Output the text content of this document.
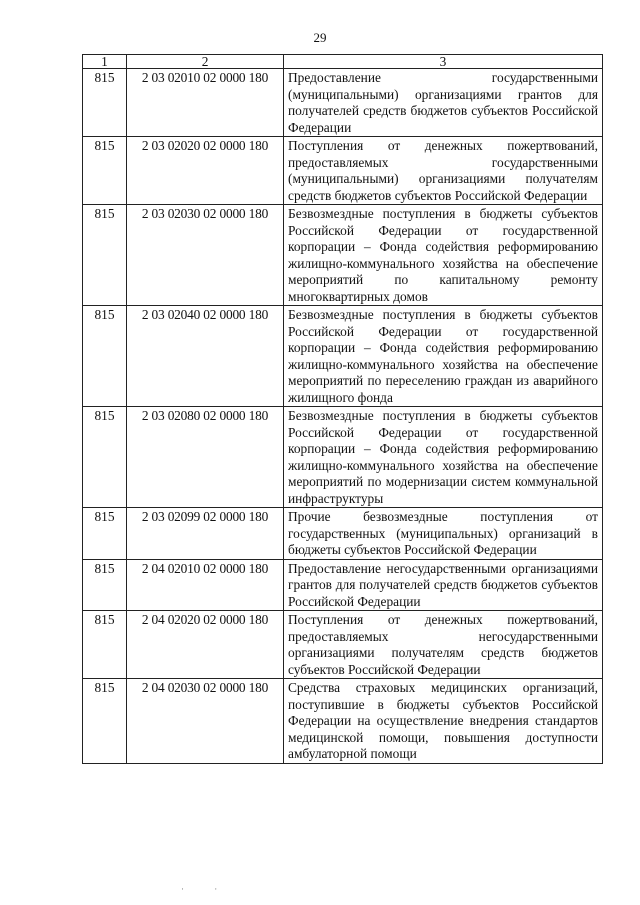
29
1	2	3
815	2 03 02010 02 0000 180	Предоставление государственными (муниципальными) организациями грантов для получателей средств бюджетов субъектов Российской Федерации
815	2 03 02020 02 0000 180	Поступления от денежных пожертвований, предоставляемых государственными (муниципальными) организациями получателям средств бюджетов субъектов Российской Федерации
815	2 03 02030 02 0000 180	Безвозмездные поступления в бюджеты субъектов Российской Федерации от государственной корпорации – Фонда содействия реформированию жилищно-коммунального хозяйства на обеспечение мероприятий по капитальному ремонту многоквартирных домов
815	2 03 02040 02 0000 180	Безвозмездные поступления в бюджеты субъектов Российской Федерации от государственной корпорации – Фонда содействия реформированию жилищно-коммунального хозяйства на обеспечение мероприятий по переселению граждан из аварийного жилищного фонда
815	2 03 02080 02 0000 180	Безвозмездные поступления в бюджеты субъектов Российской Федерации от государственной корпорации – Фонда содействия реформированию жилищно-коммунального хозяйства на обеспечение мероприятий по модернизации систем коммунальной инфраструктуры
815	2 03 02099 02 0000 180	Прочие безвозмездные поступления от государственных (муниципальных) организаций в бюджеты субъектов Российской Федерации
815	2 04 02010 02 0000 180	Предоставление негосударственными организациями грантов для получателей средств бюджетов субъектов Российской Федерации
815	2 04 02020 02 0000 180	Поступления от денежных пожертвований, предоставляемых негосударственными организациями получателям средств бюджетов субъектов Российской Федерации
815	2 04 02030 02 0000 180	Средства страховых медицинских организаций, поступившие в бюджеты субъектов Российской Федерации на осуществление внедрения стандартов медицинской помощи, повышения доступности амбулаторной помощи
· ·
